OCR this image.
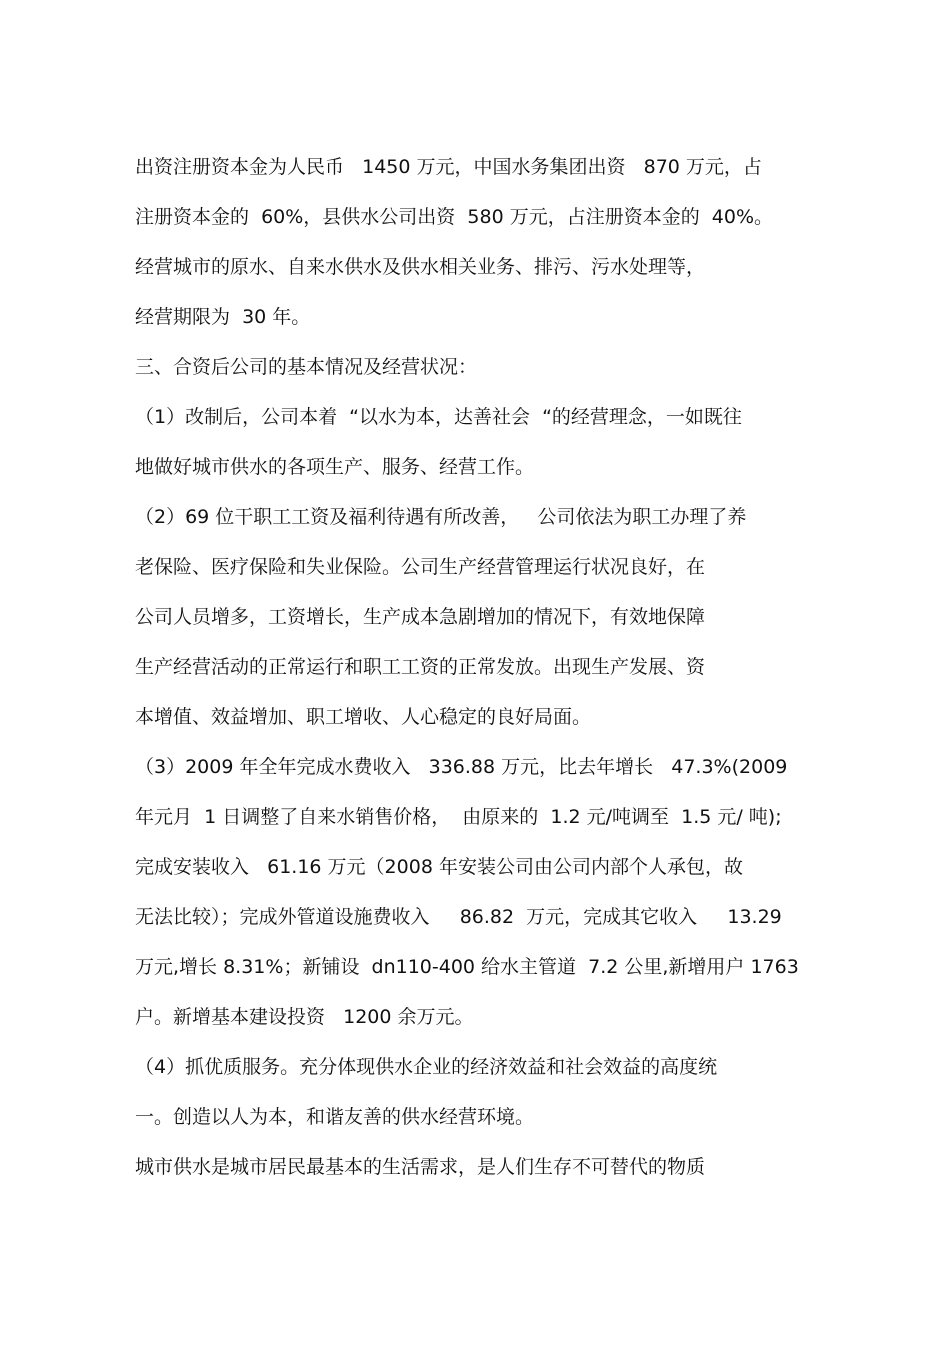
出资注册资本金为人民币   1450 万元，中国水务集团出资   870 万元，占
注册资本金的  60%，县供水公司出资  580 万元，占注册资本金的  40%。
经营城市的原水、自来水供水及供水相关业务、排污、污水处理等，
经营期限为  30 年。
三、合资后公司的基本情况及经营状况：
（1）改制后，公司本着  “以水为本，达善社会  “的经营理念，一如既往
地做好城市供水的各项生产、服务、经营工作。
（2）69 位干职工工资及福利待遇有所改善，   公司依法为职工办理了养
老保险、医疗保险和失业保险。公司生产经营管理运行状况良好，在
公司人员增多，工资增长，生产成本急剧增加的情况下，有效地保障
生产经营活动的正常运行和职工工资的正常发放。出现生产发展、资
本增值、效益增加、职工增收、人心稳定的良好局面。
（3）2009 年全年完成水费收入   336.88 万元，比去年增长   47.3%(2009
年元月  1 日调整了自来水销售价格，  由原来的  1.2 元/吨调至  1.5 元/ 吨);
完成安装收入   61.16 万元（2008 年安装公司由公司内部个人承包，故
无法比较）；完成外管道设施费收入     86.82  万元，完成其它收入     13.29
万元,增长 8.31%；新铺设  dn110-400 给水主管道  7.2 公里,新增用户 1763
户。新增基本建设投资   1200 余万元。
（4）抓优质服务。充分体现供水企业的经济效益和社会效益的高度统
一。创造以人为本，和谐友善的供水经营环境。
城市供水是城市居民最基本的生活需求，是人们生存不可替代的物质
